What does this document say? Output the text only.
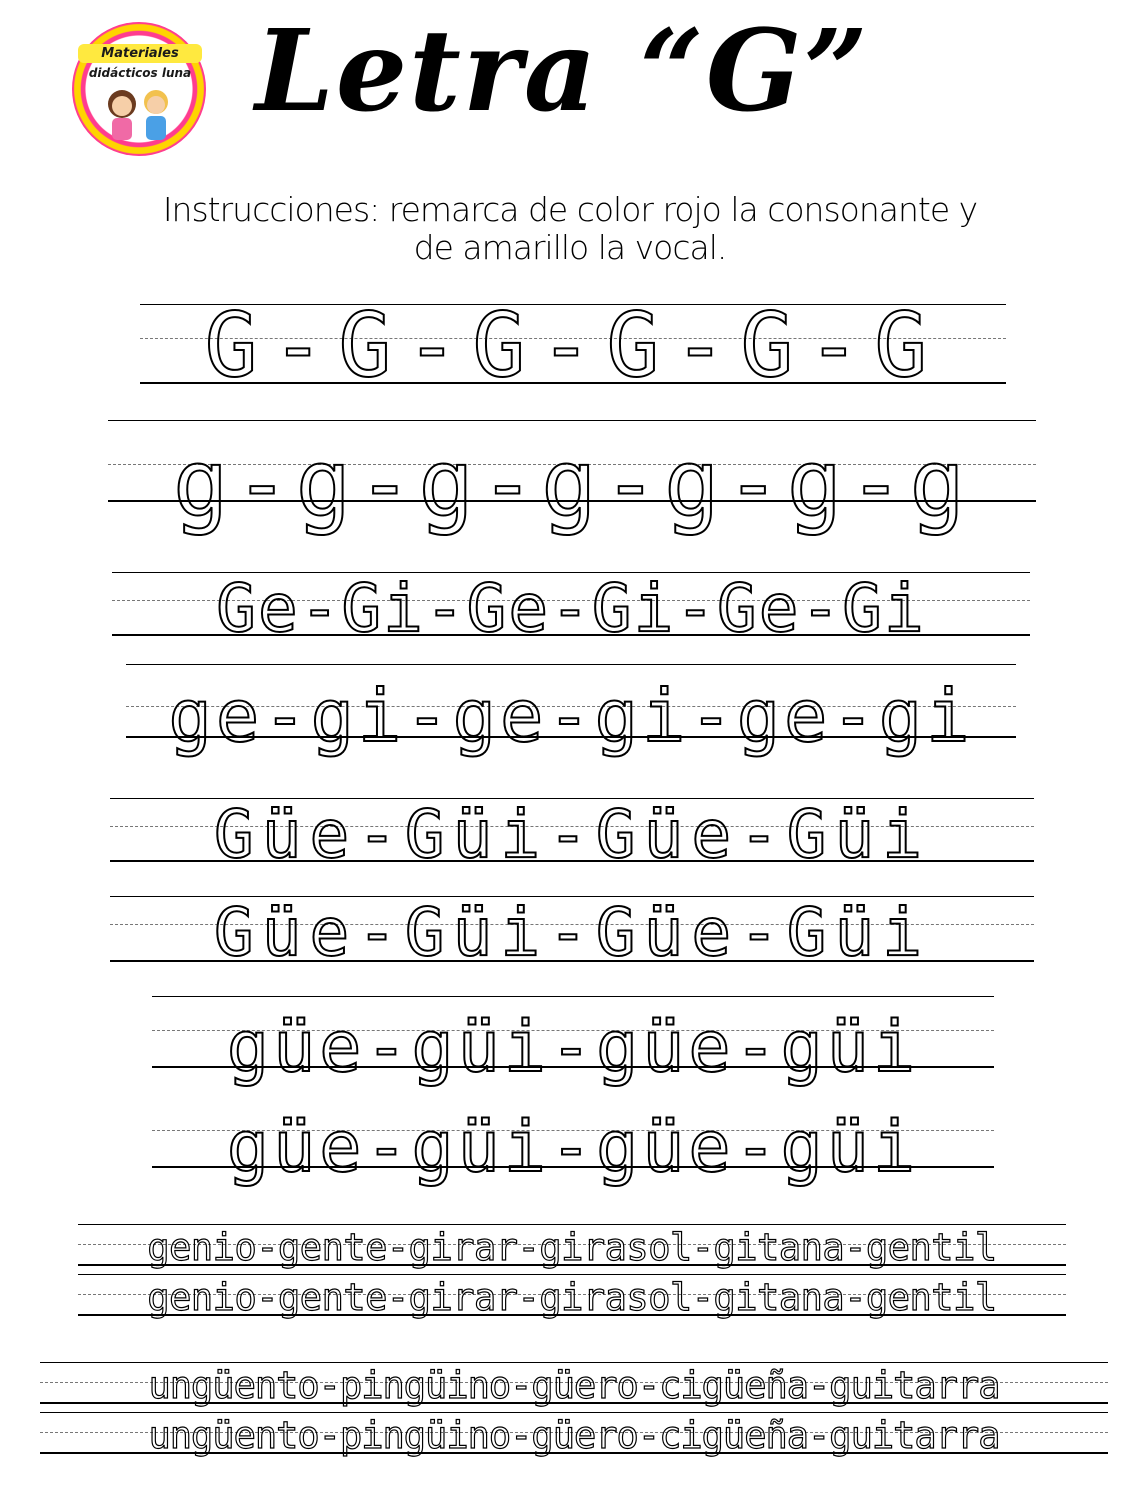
Materiales
didácticos luna Letra “G”
Instrucciones: remarca de color rojo la consonante y
de amarillo la vocal.
G-G-G-G-G-G
g-g-g-g-g-g-g
Ge-Gi-Ge-Gi-Ge-Gi
ge-gi-ge-gi-ge-gi
Güe-Güi-Güe-Güi
Güe-Güi-Güe-Güi
güe-güi-güe-güi
güe-güi-güe-güi
genio-gente-girar-girasol-gitana-gentil
genio-gente-girar-girasol-gitana-gentil
ungüento-pingüino-güero-cigüeña-guitarra
ungüento-pingüino-güero-cigüeña-guitarra
